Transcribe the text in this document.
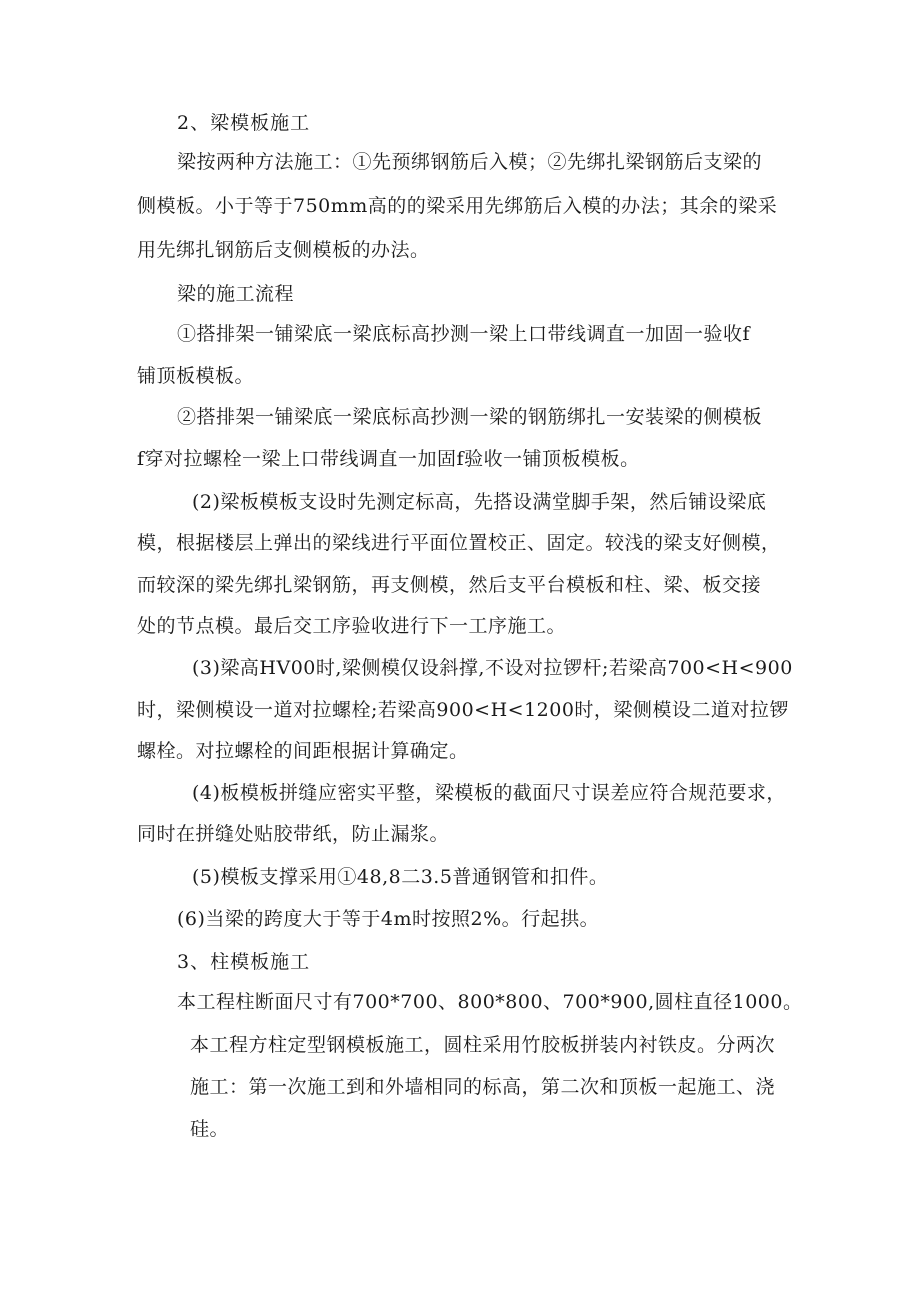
2、梁模板施工
梁按两种方法施工：①先预绑钢筋后入模；②先绑扎梁钢筋后支梁的
侧模板。小于等于750mm高的的梁采用先绑筋后入模的办法；其余的梁采
用先绑扎钢筋后支侧模板的办法。
梁的施工流程
①搭排架一铺梁底一梁底标高抄测一梁上口带线调直一加固一验收f
铺顶板模板。
②搭排架一铺梁底一梁底标高抄测一梁的钢筋绑扎一安装梁的侧模板
f穿对拉螺栓一梁上口带线调直一加固f验收一铺顶板模板。
(2)梁板模板支设时先测定标高，先搭设满堂脚手架，然后铺设梁底
模，根据楼层上弹出的梁线进行平面位置校正、固定。较浅的梁支好侧模，
而较深的梁先绑扎梁钢筋，再支侧模，然后支平台模板和柱、梁、板交接
处的节点模。最后交工序验收进行下一工序施工。
(3)梁高HV00时,梁侧模仅设斜撑,不设对拉锣杆;若梁高700<H<900
时，梁侧模设一道对拉螺栓;若梁高900<H<1200时，梁侧模设二道对拉锣
螺栓。对拉螺栓的间距根据计算确定。
(4)板模板拼缝应密实平整，梁模板的截面尺寸误差应符合规范要求，
同时在拼缝处贴胶带纸，防止漏浆。
(5)模板支撑采用①48,8二3.5普通钢管和扣件。
(6)当梁的跨度大于等于4m时按照2%。行起拱。
3、柱模板施工
本工程柱断面尺寸有700*700、800*800、700*900,圆柱直径1000。
本工程方柱定型钢模板施工，圆柱采用竹胶板拼装内衬铁皮。分两次
施工：第一次施工到和外墙相同的标高，第二次和顶板一起施工、浇
硅。
